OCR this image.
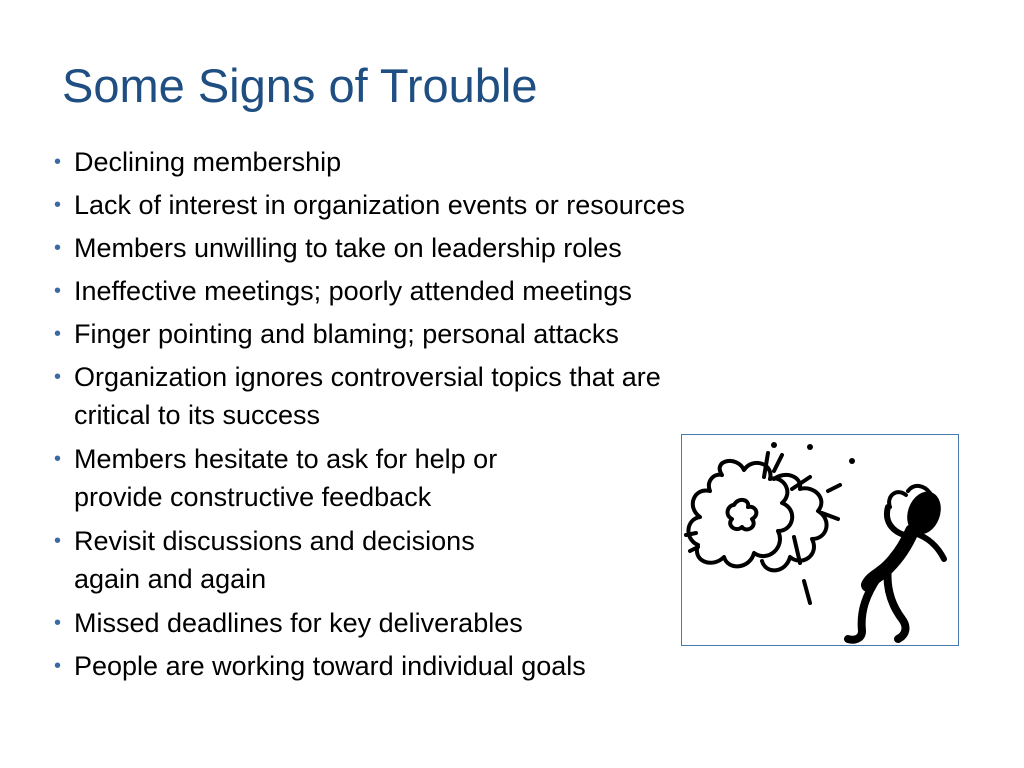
Some Signs of Trouble
• Declining membership
• Lack of interest in organization events or resources
• Members unwilling to take on leadership roles
• Ineffective meetings; poorly attended meetings
• Finger pointing and blaming; personal attacks
• Organization ignores controversial topics that are
critical to its success
• Members hesitate to ask for help or
provide constructive feedback
• Revisit discussions and decisions
again and again
• Missed deadlines for key deliverables
• People are working toward individual goals
